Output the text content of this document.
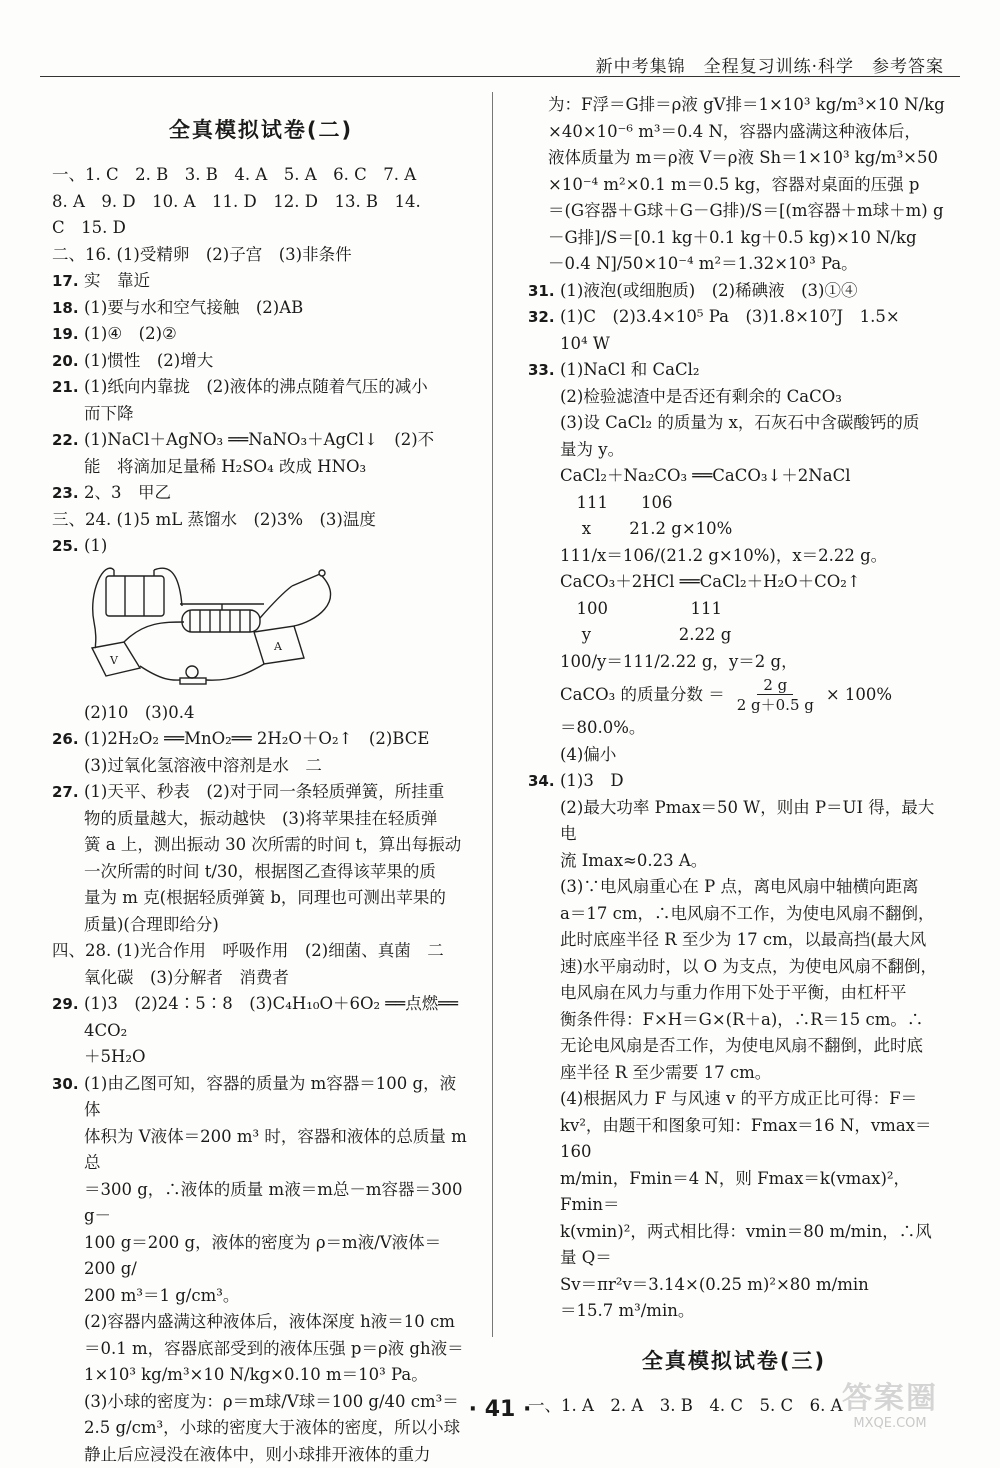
新中考集锦　全程复习训练·科学　参考答案
全真模拟试卷(二)
一、1. C　2. B　3. B　4. A　5. A　6. C　7. A
8. A　9. D　10. A　11. D　12. D　13. B　14.
C　15. D
二、16. (1)受精卵　(2)子宫　(3)非条件
17. 实　靠近
18. (1)要与水和空气接触　(2)AB
19. (1)④　(2)②
20. (1)惯性　(2)增大
21. (1)纸向内靠拢　(2)液体的沸点随着气压的减小
而下降
22. (1)NaCl＋AgNO₃ ══NaNO₃＋AgCl↓　(2)不
能　将滴加足量稀 H₂SO₄ 改成 HNO₃
23. 2、3　甲乙
三、24. (1)5 mL 蒸馏水　(2)3%　(3)温度
25. (1)
V
A
(2)10　(3)0.4
26. (1)2H₂O₂ ══MnO₂══ 2H₂O＋O₂↑　(2)BCE
(3)过氧化氢溶液中溶剂是水　二
27. (1)天平、秒表　(2)对于同一条轻质弹簧，所挂重
物的质量越大，振动越快　(3)将苹果挂在轻质弹
簧 a 上，测出振动 30 次所需的时间 t，算出每振动
一次所需的时间 t/30，根据图乙查得该苹果的质
量为 m 克(根据轻质弹簧 b，同理也可测出苹果的
质量)(合理即给分)
四、28. (1)光合作用　呼吸作用　(2)细菌、真菌　二
氧化碳　(3)分解者　消费者
29. (1)3　(2)24∶5∶8　(3)C₄H₁₀O＋6O₂ ══点燃══ 4CO₂
＋5H₂O
30. (1)由乙图可知，容器的质量为 m容器＝100 g，液体
体积为 V液体＝200 m³ 时，容器和液体的总质量 m总
＝300 g，∴液体的质量 m液＝m总－m容器＝300 g－
100 g＝200 g，液体的密度为 ρ＝m液/V液体＝200 g/
200 m³＝1 g/cm³。
(2)容器内盛满这种液体后，液体深度 h液＝10 cm
＝0.1 m，容器底部受到的液体压强 p＝ρ液 gh液＝
1×10³ kg/m³×10 N/kg×0.10 m＝10³ Pa。
(3)小球的密度为：ρ＝m球/V球＝100 g/40 cm³＝
2.5 g/cm³，小球的密度大于液体的密度，所以小球
静止后应浸没在液体中，则小球排开液体的重力
为：F浮＝G排＝ρ液 gV排＝1×10³ kg/m³×10 N/kg
×40×10⁻⁶ m³＝0.4 N，容器内盛满这种液体后，
液体质量为 m＝ρ液 V＝ρ液 Sh＝1×10³ kg/m³×50
×10⁻⁴ m²×0.1 m＝0.5 kg，容器对桌面的压强 p
＝(G容器＋G球＋G－G排)/S＝[(m容器＋m球＋m) g
－G排]/S＝[0.1 kg＋0.1 kg＋0.5 kg)×10 N/kg
－0.4 N]/50×10⁻⁴ m²＝1.32×10³ Pa。
31. (1)液泡(或细胞质)　(2)稀碘液　(3)①④
32. (1)C　(2)3.4×10⁵ Pa　(3)1.8×10⁷J　1.5×
10⁴ W
33. (1)NaCl 和 CaCl₂
(2)检验滤渣中是否还有剩余的 CaCO₃
(3)设 CaCl₂ 的质量为 x，石灰石中含碳酸钙的质
量为 y。
CaCl₂＋Na₂CO₃ ══CaCO₃↓＋2NaCl
　111　　106
　 x　　 21.2 g×10%
111/x＝106/(21.2 g×10%)，x＝2.22 g。
CaCO₃＋2HCl ══CaCl₂＋H₂O＋CO₂↑
　100　　　　　111
　 y　　　　　 2.22 g
100/y＝111/2.22 g，y＝2 g，
CaCO₃ 的质量分数 ＝ $\frac{2 g}{2 g+0.5 g} \times 100\%$
＝80.0%。
(4)偏小
34. (1)3　D
(2)最大功率 Pmax＝50 W，则由 P＝UI 得，最大电
流 Imax≈0.23 A。
(3)∵电风扇重心在 P 点，离电风扇中轴横向距离
a＝17 cm，∴电风扇不工作，为使电风扇不翻倒，
此时底座半径 R 至少为 17 cm，以最高挡(最大风
速)水平扇动时，以 O 为支点，为使电风扇不翻倒，
电风扇在风力与重力作用下处于平衡，由杠杆平
衡条件得：F×H＝G×(R＋a)，∴R＝15 cm。∴
无论电风扇是否工作，为使电风扇不翻倒，此时底
座半径 R 至少需要 17 cm。
(4)根据风力 F 与风速 v 的平方成正比可得：F＝
kv²，由题干和图象可知：Fmax＝16 N，vmax＝160
m/min，Fmin＝4 N，则 Fmax＝k(vmax)²，Fmin＝
k(vmin)²，两式相比得：vmin＝80 m/min，∴风量 Q＝
Sv＝πr²v＝3.14×(0.25 m)²×80 m/min
＝15.7 m³/min。
全真模拟试卷(三)
一、1. A　2. A　3. B　4. C　5. C　6. A
· 41 ·	答案圈
MXQE.COM
